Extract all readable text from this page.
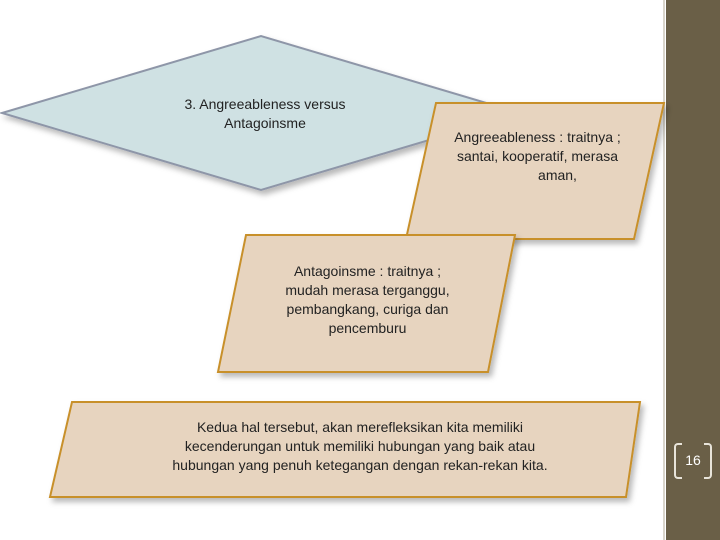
3. Angreeableness versus
Antagoinsme
Angreeableness : traitnya ;
santai, kooperatif, merasa
aman,
Antagoinsme : traitnya ;
mudah merasa terganggu,
pembangkang, curiga dan
pencemburu
Kedua hal tersebut, akan merefleksikan kita memiliki
kecenderungan untuk memiliki hubungan yang baik atau
hubungan yang penuh ketegangan dengan rekan-rekan kita.	16
